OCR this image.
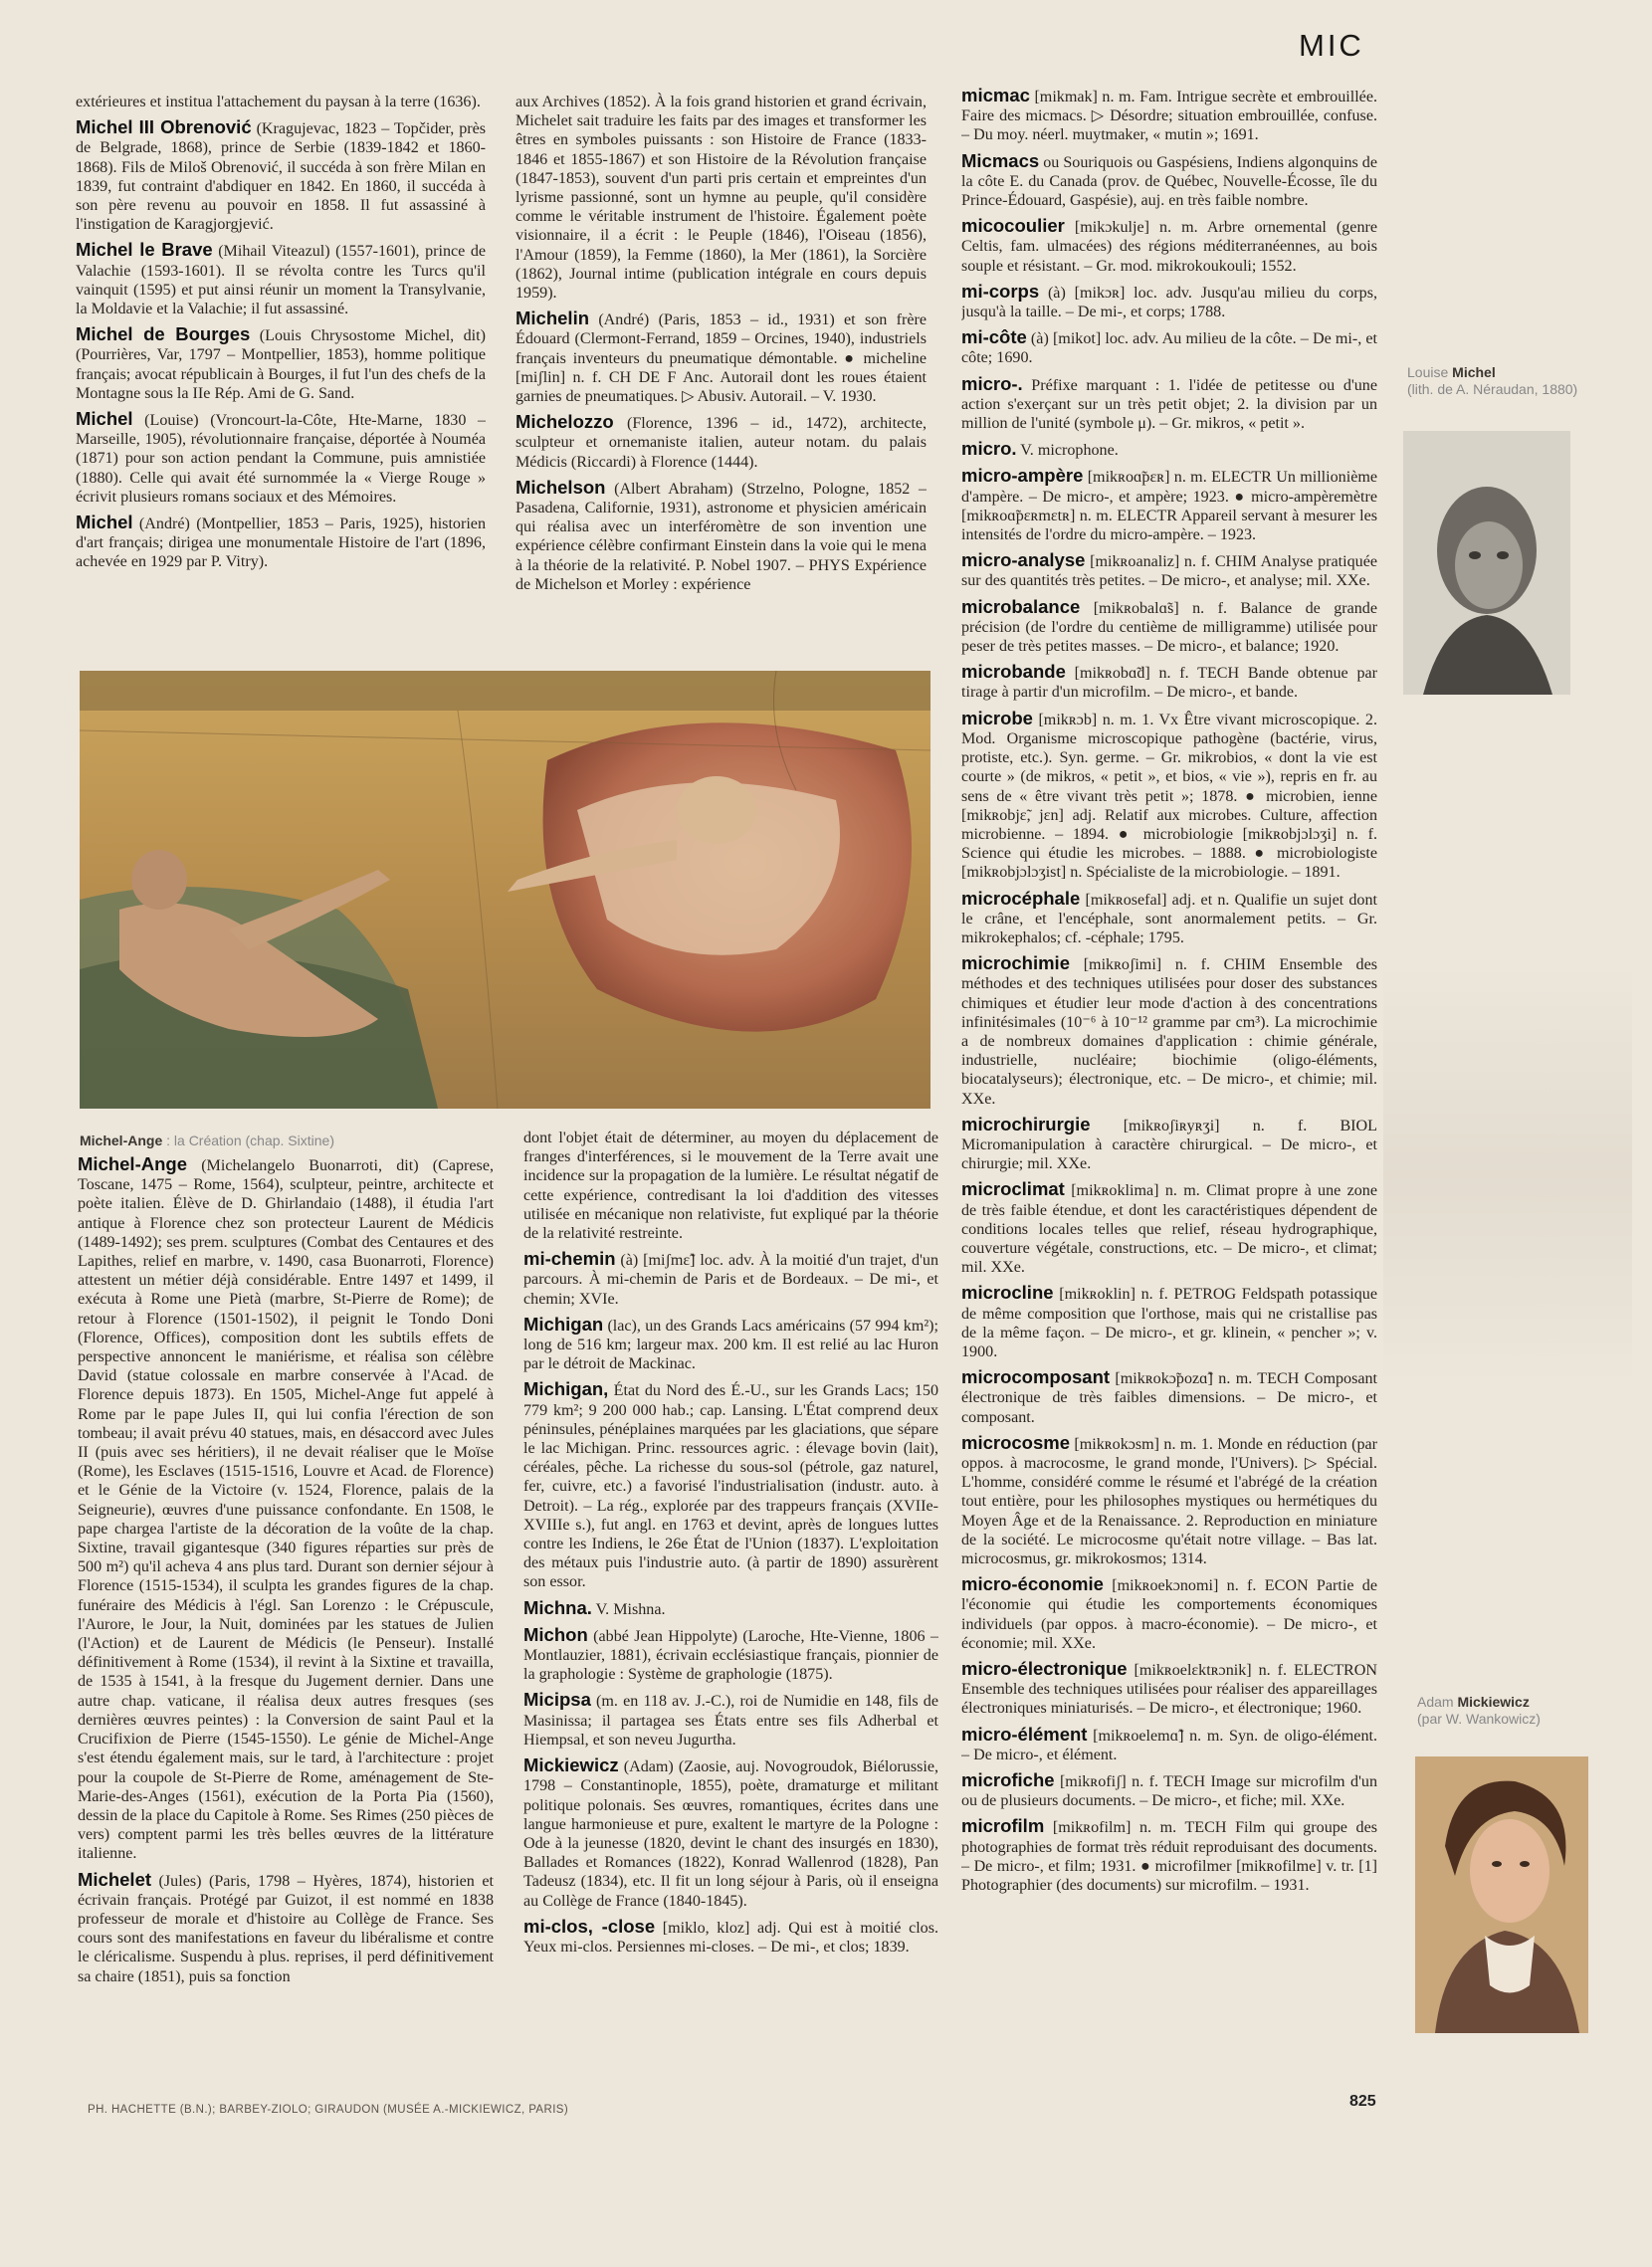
MIC

extérieures et institua l'attachement du paysan à la terre (1636).

Michel III Obrenović (Kragujevac, 1823 – Topčider, près de Belgrade, 1868), prince de Serbie (1839-1842 et 1860-1868). Fils de Miloš Obrenović, il succéda à son frère Milan en 1839, fut contraint d'abdiquer en 1842. En 1860, il succéda à son père revenu au pouvoir en 1858. Il fut assassiné à l'instigation de Karagjorgjević.

Michel le Brave (Mihail Viteazul) (1557-1601), prince de Valachie (1593-1601). Il se révolta contre les Turcs qu'il vainquit (1595) et put ainsi réunir un moment la Transylvanie, la Moldavie et la Valachie; il fut assassiné.

Michel de Bourges (Louis Chrysostome Michel, dit) (Pourrières, Var, 1797 – Montpellier, 1853), homme politique français; avocat républicain à Bourges, il fut l'un des chefs de la Montagne sous la IIe Rép. Ami de G. Sand.

Michel (Louise) (Vroncourt-la-Côte, Hte-Marne, 1830 – Marseille, 1905), révolutionnaire française, déportée à Nouméa (1871) pour son action pendant la Commune, puis amnistiée (1880). Celle qui avait été surnommée la « Vierge Rouge » écrivit plusieurs romans sociaux et des Mémoires.

Michel (André) (Montpellier, 1853 – Paris, 1925), historien d'art français; dirigea une monumentale Histoire de l'art (1896, achevée en 1929 par P. Vitry).

aux Archives (1852). À la fois grand historien et grand écrivain, Michelet sait traduire les faits par des images et transformer les êtres en symboles puissants : son Histoire de France (1833-1846 et 1855-1867) et son Histoire de la Révolution française (1847-1853), souvent d'un parti pris certain et empreintes d'un lyrisme passionné, sont un hymne au peuple, qu'il considère comme le véritable instrument de l'histoire. Également poète visionnaire, il a écrit : le Peuple (1846), l'Oiseau (1856), l'Amour (1859), la Femme (1860), la Mer (1861), la Sorcière (1862), Journal intime (publication intégrale en cours depuis 1959).

Michelin (André) (Paris, 1853 – id., 1931) et son frère Édouard (Clermont-Ferrand, 1859 – Orcines, 1940), industriels français inventeurs du pneumatique démontable. ● micheline [miʃlin] n. f. CH DE F Anc. Autorail dont les roues étaient garnies de pneumatiques. ▷ Abusiv. Autorail. – V. 1930.

Michelozzo (Florence, 1396 – id., 1472), architecte, sculpteur et ornemaniste italien, auteur notam. du palais Médicis (Riccardi) à Florence (1444).

Michelson (Albert Abraham) (Strzelno, Pologne, 1852 – Pasadena, Californie, 1931), astronome et physicien américain qui réalisa avec un interféromètre de son invention une expérience célèbre confirmant Einstein dans la voie qui le mena à la théorie de la relativité. P. Nobel 1907. – PHYS Expérience de Michelson et Morley : expérience

Michel-Ange : la Création (chap. Sixtine)

Michel-Ange (Michelangelo Buonarroti, dit) (Caprese, Toscane, 1475 – Rome, 1564), sculpteur, peintre, architecte et poète italien. Élève de D. Ghirlandaio (1488), il étudia l'art antique à Florence chez son protecteur Laurent de Médicis (1489-1492); ses prem. sculptures (Combat des Centaures et des Lapithes, relief en marbre, v. 1490, casa Buonarroti, Florence) attestent un métier déjà considérable. Entre 1497 et 1499, il exécuta à Rome une Pietà (marbre, St-Pierre de Rome); de retour à Florence (1501-1502), il peignit le Tondo Doni (Florence, Offices), composition dont les subtils effets de perspective annoncent le maniérisme, et réalisa son célèbre David (statue colossale en marbre conservée à l'Acad. de Florence depuis 1873). En 1505, Michel-Ange fut appelé à Rome par le pape Jules II, qui lui confia l'érection de son tombeau; il avait prévu 40 statues, mais, en désaccord avec Jules II (puis avec ses héritiers), il ne devait réaliser que le Moïse (Rome), les Esclaves (1515-1516, Louvre et Acad. de Florence) et le Génie de la Victoire (v. 1524, Florence, palais de la Seigneurie), œuvres d'une puissance confondante. En 1508, le pape chargea l'artiste de la décoration de la voûte de la chap. Sixtine, travail gigantesque (340 figures réparties sur près de 500 m²) qu'il acheva 4 ans plus tard. Durant son dernier séjour à Florence (1515-1534), il sculpta les grandes figures de la chap. funéraire des Médicis à l'égl. San Lorenzo : le Crépuscule, l'Aurore, le Jour, la Nuit, dominées par les statues de Julien (l'Action) et de Laurent de Médicis (le Penseur). Installé définitivement à Rome (1534), il revint à la Sixtine et travailla, de 1535 à 1541, à la fresque du Jugement dernier. Dans une autre chap. vaticane, il réalisa deux autres fresques (ses dernières œuvres peintes) : la Conversion de saint Paul et la Crucifixion de Pierre (1545-1550). Le génie de Michel-Ange s'est étendu également mais, sur le tard, à l'architecture : projet pour la coupole de St-Pierre de Rome, aménagement de Ste-Marie-des-Anges (1561), exécution de la Porta Pia (1560), dessin de la place du Capitole à Rome. Ses Rimes (250 pièces de vers) comptent parmi les très belles œuvres de la littérature italienne.

Michelet (Jules) (Paris, 1798 – Hyères, 1874), historien et écrivain français. Protégé par Guizot, il est nommé en 1838 professeur de morale et d'histoire au Collège de France. Ses cours sont des manifestations en faveur du libéralisme et contre le cléricalisme. Suspendu à plus. reprises, il perd définitivement sa chaire (1851), puis sa fonction

dont l'objet était de déterminer, au moyen du déplacement de franges d'interférences, si le mouvement de la Terre avait une incidence sur la propagation de la lumière. Le résultat négatif de cette expérience, contredisant la loi d'addition des vitesses utilisée en mécanique non relativiste, fut expliqué par la théorie de la relativité restreinte.

mi-chemin (à) [miʃmɛ̃] loc. adv. À la moitié d'un trajet, d'un parcours. À mi-chemin de Paris et de Bordeaux. – De mi-, et chemin; XVIe.

Michigan (lac), un des Grands Lacs américains (57 994 km²); long de 516 km; largeur max. 200 km. Il est relié au lac Huron par le détroit de Mackinac.

Michigan, État du Nord des É.-U., sur les Grands Lacs; 150 779 km²; 9 200 000 hab.; cap. Lansing. L'État comprend deux péninsules, pénéplaines marquées par les glaciations, que sépare le lac Michigan. Princ. ressources agric. : élevage bovin (lait), céréales, pêche. La richesse du sous-sol (pétrole, gaz naturel, fer, cuivre, etc.) a favorisé l'industrialisation (industr. auto. à Detroit). – La rég., explorée par des trappeurs français (XVIIe-XVIIIe s.), fut angl. en 1763 et devint, après de longues luttes contre les Indiens, le 26e État de l'Union (1837). L'exploitation des métaux puis l'industrie auto. (à partir de 1890) assurèrent son essor.

Michna. V. Mishna.

Michon (abbé Jean Hippolyte) (Laroche, Hte-Vienne, 1806 – Montlauzier, 1881), écrivain ecclésiastique français, pionnier de la graphologie : Système de graphologie (1875).

Micipsa (m. en 118 av. J.-C.), roi de Numidie en 148, fils de Masinissa; il partagea ses États entre ses fils Adherbal et Hiempsal, et son neveu Jugurtha.

Mickiewicz (Adam) (Zaosie, auj. Novogroudok, Biélorussie, 1798 – Constantinople, 1855), poète, dramaturge et militant politique polonais. Ses œuvres, romantiques, écrites dans une langue harmonieuse et pure, exaltent le martyre de la Pologne : Ode à la jeunesse (1820, devint le chant des insurgés en 1830), Ballades et Romances (1822), Konrad Wallenrod (1828), Pan Tadeusz (1834), etc. Il fit un long séjour à Paris, où il enseigna au Collège de France (1840-1845).

mi-clos, -close [miklo, kloz] adj. Qui est à moitié clos. Yeux mi-clos. Persiennes mi-closes. – De mi-, et clos; 1839.

micmac [mikmak] n. m. Fam. Intrigue secrète et embrouillée. Faire des micmacs. ▷ Désordre; situation embrouillée, confuse. – Du moy. néerl. muytmaker, « mutin »; 1691.

Micmacs ou Souriquois ou Gaspésiens, Indiens algonquins de la côte E. du Canada (prov. de Québec, Nouvelle-Écosse, île du Prince-Édouard, Gaspésie), auj. en très faible nombre.

micocoulier [mikɔkulje] n. m. Arbre ornemental (genre Celtis, fam. ulmacées) des régions méditerranéennes, au bois souple et résistant. – Gr. mod. mikrokoukouli; 1552.

mi-corps (à) [mikɔʀ] loc. adv. Jusqu'au milieu du corps, jusqu'à la taille. – De mi-, et corps; 1788.

mi-côte (à) [mikot] loc. adv. Au milieu de la côte. – De mi-, et côte; 1690.

micro-. Préfixe marquant : 1. l'idée de petitesse ou d'une action s'exerçant sur un très petit objet; 2. la division par un million de l'unité (symbole μ). – Gr. mikros, « petit ».

micro. V. microphone.

micro-ampère [mikʀoɑ̃pɛʀ] n. m. ELECTR Un millionième d'ampère. – De micro-, et ampère; 1923. ● micro-ampèremètre [mikʀoɑ̃pɛʀmɛtʀ] n. m. ELECTR Appareil servant à mesurer les intensités de l'ordre du micro-ampère. – 1923.

micro-analyse [mikʀoanaliz] n. f. CHIM Analyse pratiquée sur des quantités très petites. – De micro-, et analyse; mil. XXe.

microbalance [mikʀobalɑ̃s] n. f. Balance de grande précision (de l'ordre du centième de milligramme) utilisée pour peser de très petites masses. – De micro-, et balance; 1920.

microbande [mikʀobɑ̃d] n. f. TECH Bande obtenue par tirage à partir d'un microfilm. – De micro-, et bande.

microbe [mikʀɔb] n. m. 1. Vx Être vivant microscopique. 2. Mod. Organisme microscopique pathogène (bactérie, virus, protiste, etc.). Syn. germe. – Gr. mikrobios, « dont la vie est courte » (de mikros, « petit », et bios, « vie »), repris en fr. au sens de « être vivant très petit »; 1878. ● microbien, ienne [mikʀobjɛ̃, jɛn] adj. Relatif aux microbes. Culture, affection microbienne. – 1894. ● microbiologie [mikʀobjɔlɔʒi] n. f. Science qui étudie les microbes. – 1888. ● microbiologiste [mikʀobjɔlɔʒist] n. Spécialiste de la microbiologie. – 1891.

microcéphale [mikʀosefal] adj. et n. Qualifie un sujet dont le crâne, et l'encéphale, sont anormalement petits. – Gr. mikrokephalos; cf. -céphale; 1795.

microchimie [mikʀoʃimi] n. f. CHIM Ensemble des méthodes et des techniques utilisées pour doser des substances chimiques et étudier leur mode d'action à des concentrations infinitésimales (10⁻⁶ à 10⁻¹² gramme par cm³). La microchimie a de nombreux domaines d'application : chimie générale, industrielle, nucléaire; biochimie (oligo-éléments, biocatalyseurs); électronique, etc. – De micro-, et chimie; mil. XXe.

microchirurgie [mikʀoʃiʀyʀʒi] n. f. BIOL Micromanipulation à caractère chirurgical. – De micro-, et chirurgie; mil. XXe.

microclimat [mikʀoklima] n. m. Climat propre à une zone de très faible étendue, et dont les caractéristiques dépendent de conditions locales telles que relief, réseau hydrographique, couverture végétale, constructions, etc. – De micro-, et climat; mil. XXe.

microcline [mikʀoklin] n. f. PETROG Feldspath potassique de même composition que l'orthose, mais qui ne cristallise pas de la même façon. – De micro-, et gr. klinein, « pencher »; v. 1900.

microcomposant [mikʀokɔ̃pozɑ̃] n. m. TECH Composant électronique de très faibles dimensions. – De micro-, et composant.

microcosme [mikʀokɔsm] n. m. 1. Monde en réduction (par oppos. à macrocosme, le grand monde, l'Univers). ▷ Spécial. L'homme, considéré comme le résumé et l'abrégé de la création tout entière, pour les philosophes mystiques ou hermétiques du Moyen Âge et de la Renaissance. 2. Reproduction en miniature de la société. Le microcosme qu'était notre village. – Bas lat. microcosmus, gr. mikrokosmos; 1314.

micro-économie [mikʀoekɔnomi] n. f. ECON Partie de l'économie qui étudie les comportements économiques individuels (par oppos. à macro-économie). – De micro-, et économie; mil. XXe.

micro-électronique [mikʀoelɛktʀɔnik] n. f. ELECTRON Ensemble des techniques utilisées pour réaliser des appareillages électroniques miniaturisés. – De micro-, et électronique; 1960.

micro-élément [mikʀoelemɑ̃] n. m. Syn. de oligo-élément. – De micro-, et élément.

microfiche [mikʀofiʃ] n. f. TECH Image sur microfilm d'un ou de plusieurs documents. – De micro-, et fiche; mil. XXe.

microfilm [mikʀofilm] n. m. TECH Film qui groupe des photographies de format très réduit reproduisant des documents. – De micro-, et film; 1931. ● microfilmer [mikʀofilme] v. tr. [1] Photographier (des documents) sur microfilm. – 1931.

Louise Michel
(lith. de A. Néraudan, 1880)
Adam Mickiewicz
(par W. Wankowicz)
PH. HACHETTE (B.N.); BARBEY-ZIOLO; GIRAUDON (MUSÉE A.-MICKIEWICZ, PARIS)	825
